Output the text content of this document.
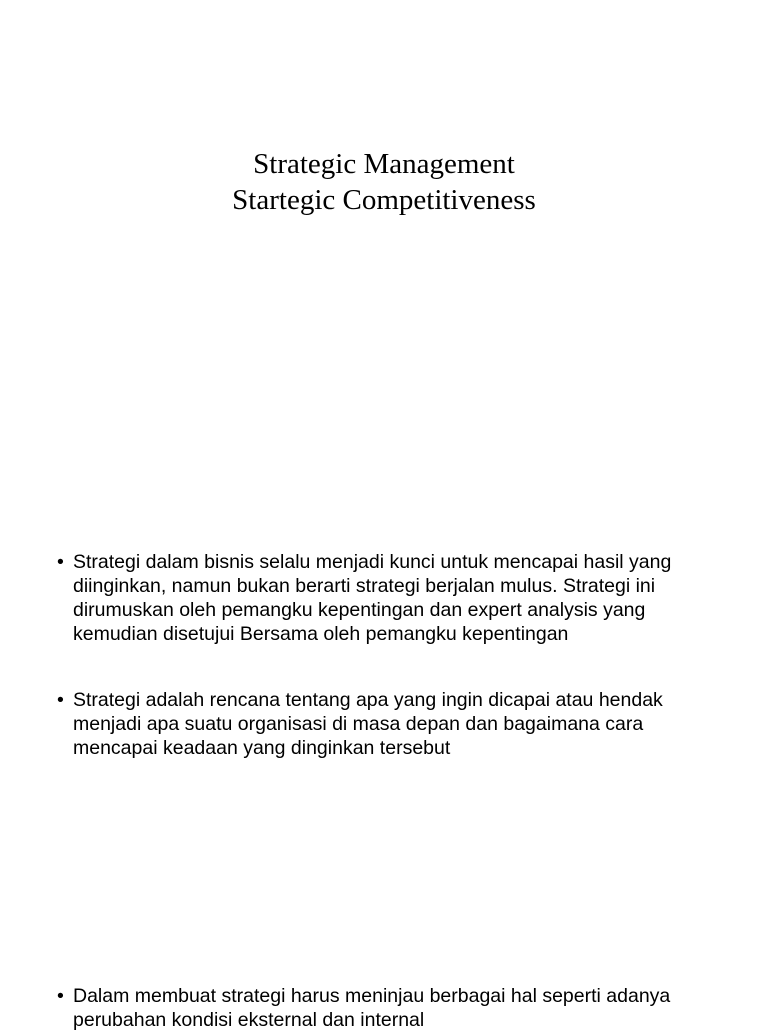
Strategic Management
Startegic Competitiveness
• Strategi dalam bisnis selalu menjadi kunci untuk mencapai hasil yang diinginkan, namun bukan berarti strategi berjalan mulus. Strategi ini dirumuskan oleh pemangku kepentingan dan expert analysis yang kemudian disetujui Bersama oleh pemangku kepentingan
• Strategi adalah rencana tentang apa yang ingin dicapai atau hendak menjadi apa suatu organisasi di masa depan dan bagaimana cara mencapai keadaan yang dinginkan tersebut
• Dalam membuat strategi harus meninjau berbagai hal seperti adanya perubahan kondisi eksternal dan internal
